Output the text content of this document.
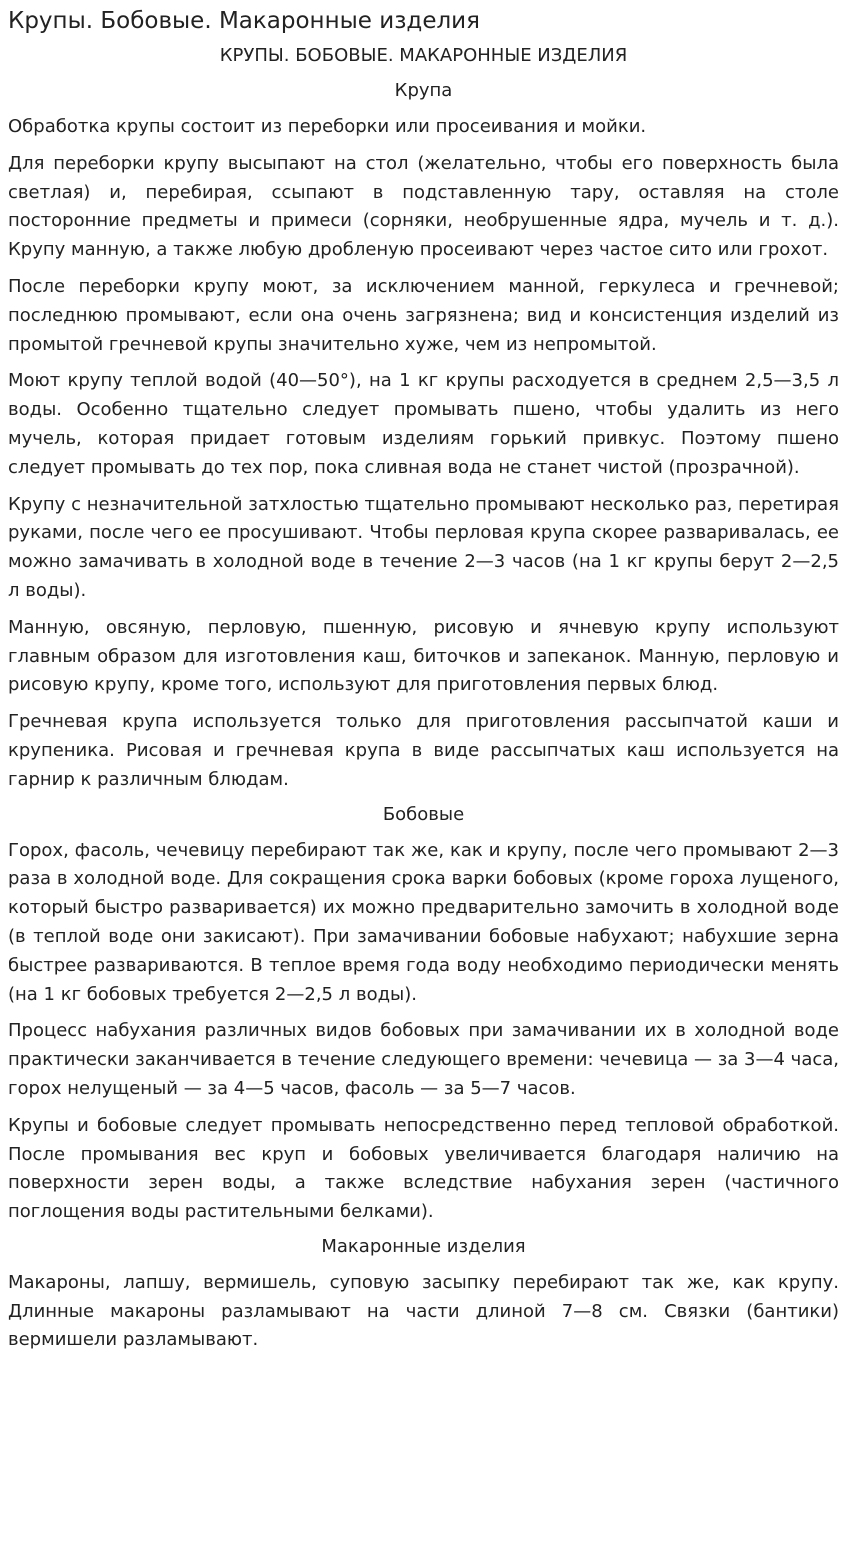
Крупы. Бобовые. Макаронные изделия
КРУПЫ. БОБОВЫЕ. МАКАРОННЫЕ ИЗДЕЛИЯ
Крупа

Обработка крупы состоит из переборки или просеивания и мойки.

Для переборки крупу высыпают на стол (желательно, чтобы его поверхность была светлая) и, перебирая, ссыпают в подставленную тару, оставляя на столе посторонние предметы и примеси (сорняки, необрушенные ядра, мучель и т. д.). Крупу манную, а также любую дробленую просеивают через частое сито или грохот.

После переборки крупу моют, за исключением манной, геркулеса и гречневой; последнюю промывают, если она очень загрязнена; вид и консистенция изделий из промытой гречневой крупы значительно хуже, чем из непромытой.

Моют крупу теплой водой (40—50°), на 1 кг крупы расходуется в среднем 2,5—3,5 л воды. Особенно тщательно следует промывать пшено, чтобы удалить из него мучель, которая придает готовым изделиям горький привкус. Поэтому пшено следует промывать до тех пор, пока сливная вода не станет чистой (прозрачной).

Крупу с незначительной затхлостью тщательно промывают несколько раз, перетирая руками, после чего ее просушивают. Чтобы перловая крупа скорее разваривалась, ее можно замачивать в холодной воде в течение 2—3 часов (на 1 кг крупы берут 2—2,5 л воды).

Манную, овсяную, перловую, пшенную, рисовую и ячневую крупу используют главным образом для изготовления каш, биточков и запеканок. Манную, перловую и рисовую крупу, кроме того, используют для приготовления первых блюд.

Гречневая крупа используется только для приготовления рассыпчатой каши и крупеника. Рисовая и гречневая крупа в виде рассыпчатых каш используется на гарнир к различным блюдам.

Бобовые

Горох, фасоль, чечевицу перебирают так же, как и крупу, после чего промывают 2—3 раза в холодной воде. Для сокращения срока варки бобовых (кроме гороха лущеного, который быстро разваривается) их можно предварительно замочить в холодной воде (в теплой воде они закисают). При замачивании бобовые набухают; набухшие зерна быстрее развариваются. В теплое время года воду необходимо периодически менять (на 1 кг бобовых требуется 2—2,5 л воды).

Процесс набухания различных видов бобовых при замачивании их в холодной воде практически заканчивается в течение следующего времени: чечевица — за 3—4 часа, горох нелущеный — за 4—5 часов, фасоль — за 5—7 часов.

Крупы и бобовые следует промывать непосредственно перед тепловой обработкой. После промывания вес круп и бобовых увеличивается благодаря наличию на поверхности зерен воды, а также вследствие набухания зерен (частичного поглощения воды растительными белками).

Макаронные изделия

Макароны, лапшу, вермишель, суповую засыпку перебирают так же, как крупу. Длинные макароны разламывают на части длиной 7—8 см. Связки (бантики) вермишели разламывают.
